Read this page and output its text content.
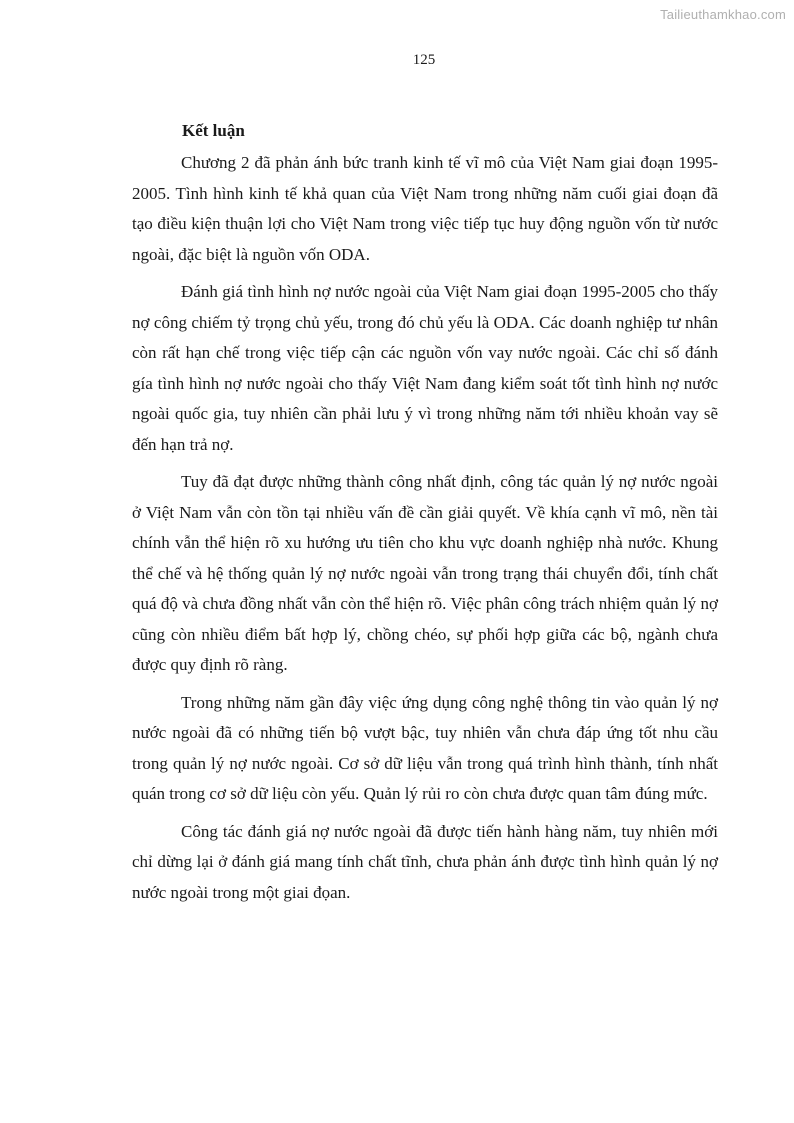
Tailieuthamkhao.com
125
Kết luận

Chương 2 đã phản ánh bức tranh kinh tế vĩ mô của Việt Nam giai đoạn 1995-2005. Tình hình kinh tế khả quan của Việt Nam trong những năm cuối giai đoạn đã tạo điều kiện thuận lợi cho Việt Nam trong việc tiếp tục huy động nguồn vốn từ nước ngoài, đặc biệt là nguồn vốn ODA.

Đánh giá tình hình nợ nước ngoài của Việt Nam giai đoạn 1995-2005 cho thấy nợ công chiếm tỷ trọng chủ yếu, trong đó chủ yếu là ODA. Các doanh nghiệp tư nhân còn rất hạn chế trong việc tiếp cận các nguồn vốn vay nước ngoài. Các chỉ số đánh gía tình hình nợ nước ngoài cho thấy Việt Nam đang kiểm soát tốt tình hình nợ nước ngoài quốc gia, tuy nhiên cần phải lưu ý vì trong những năm tới nhiều khoản vay sẽ đến hạn trả nợ.

Tuy đã đạt được những thành công nhất định, công tác quản lý nợ nước ngoài ở Việt Nam vẫn còn tồn tại nhiều vấn đề cần giải quyết. Về khía cạnh vĩ mô, nền tài chính vẫn thể hiện rõ xu hướng ưu tiên cho khu vực doanh nghiệp nhà nước. Khung thể chế và hệ thống quản lý nợ nước ngoài vẫn trong trạng thái chuyển đổi, tính chất quá độ và chưa đồng nhất vẫn còn thể hiện rõ. Việc phân công trách nhiệm quản lý nợ cũng còn nhiều điểm bất hợp lý, chồng chéo, sự phối hợp giữa các bộ, ngành chưa được quy định rõ ràng.

Trong những năm gần đây việc ứng dụng công nghệ thông tin vào quản lý nợ nước ngoài đã có những tiến bộ vượt bậc, tuy nhiên vẫn chưa đáp ứng tốt nhu cầu trong quản lý nợ nước ngoài. Cơ sở dữ liệu vẫn trong quá trình hình thành, tính nhất quán trong cơ sở dữ liệu còn yếu. Quản lý rủi ro còn chưa được quan tâm đúng mức.

Công tác đánh giá nợ nước ngoài đã được tiến hành hàng năm, tuy nhiên mới chỉ dừng lại ở đánh giá mang tính chất tĩnh, chưa phản ánh được tình hình quản lý nợ nước ngoài trong một giai đọan.
